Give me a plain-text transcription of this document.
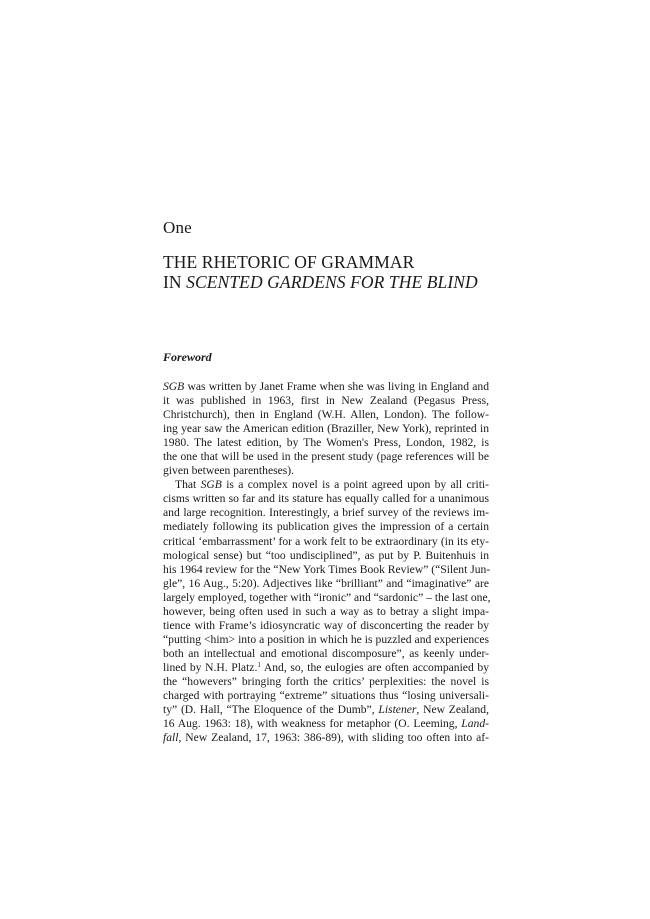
One
THE RHETORIC OF GRAMMAR
IN SCENTED GARDENS FOR THE BLIND
Foreword
SGB was written by Janet Frame when she was living in England and
it was published in 1963, first in New Zealand (Pegasus Press,
Christchurch), then in England (W.H. Allen, London). The follow-
ing year saw the American edition (Braziller, New York), reprinted in
1980. The latest edition, by The Women's Press, London, 1982, is
the one that will be used in the present study (page references will be
given between parentheses).
That SGB is a complex novel is a point agreed upon by all criti-
cisms written so far and its stature has equally called for a unanimous
and large recognition. Interestingly, a brief survey of the reviews im-
mediately following its publication gives the impression of a certain
critical ‘embarrassment’ for a work felt to be extraordinary (in its ety-
mological sense) but “too undisciplined”, as put by P. Buitenhuis in
his 1964 review for the “New York Times Book Review” (“Silent Jun-
gle”, 16 Aug., 5:20). Adjectives like “brilliant” and “imaginative” are
largely employed, together with “ironic” and “sardonic” – the last one,
however, being often used in such a way as to betray a slight impa-
tience with Frame’s idiosyncratic way of disconcerting the reader by
“putting <him> into a position in which he is puzzled and experiences
both an intellectual and emotional discomposure”, as keenly under-
lined by N.H. Platz.$^1$ And, so, the eulogies are often accompanied by
the “howevers” bringing forth the critics’ perplexities: the novel is
charged with portraying “extreme” situations thus “losing universali-
ty” (D. Hall, “The Eloquence of the Dumb”, Listener, New Zealand,
16 Aug. 1963: 18), with weakness for metaphor (O. Leeming, Land-
fall, New Zealand, 17, 1963: 386-89), with sliding too often into af-
